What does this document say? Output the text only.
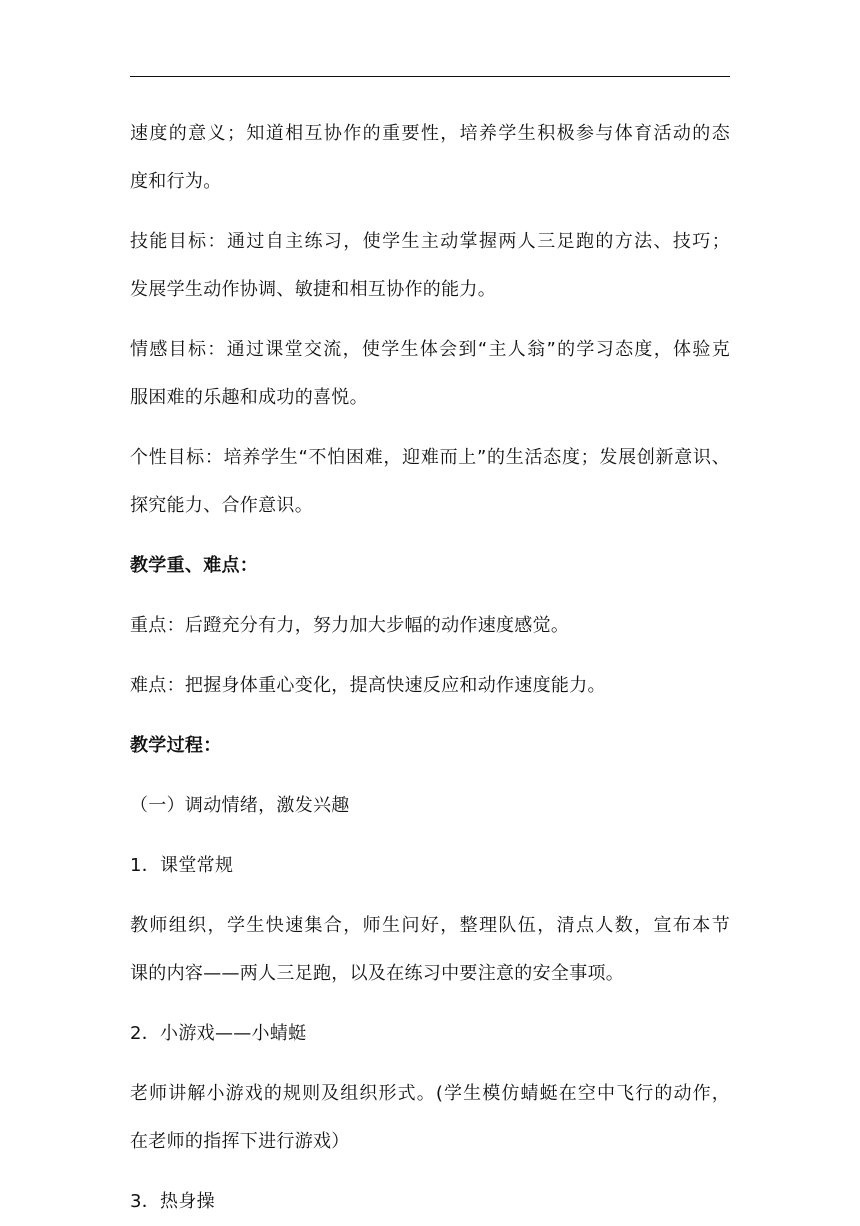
速度的意义；知道相互协作的重要性，培养学生积极参与体育活动的态
度和行为。
技能目标：通过自主练习，使学生主动掌握两人三足跑的方法、技巧；
发展学生动作协调、敏捷和相互协作的能力。
情感目标：通过课堂交流，使学生体会到“主人翁”的学习态度，体验克
服困难的乐趣和成功的喜悦。
个性目标：培养学生“不怕困难，迎难而上”的生活态度；发展创新意识、
探究能力、合作意识。
教学重、难点：
重点：后蹬充分有力，努力加大步幅的动作速度感觉。
难点：把握身体重心变化，提高快速反应和动作速度能力。
教学过程：
（一）调动情绪，激发兴趣
1．课堂常规
教师组织，学生快速集合，师生问好，整理队伍，清点人数，宣布本节
课的内容——两人三足跑，以及在练习中要注意的安全事项。
2．小游戏——小蜻蜓
老师讲解小游戏的规则及组织形式。(学生模仿蜻蜓在空中飞行的动作，
在老师的指挥下进行游戏）
3．热身操
